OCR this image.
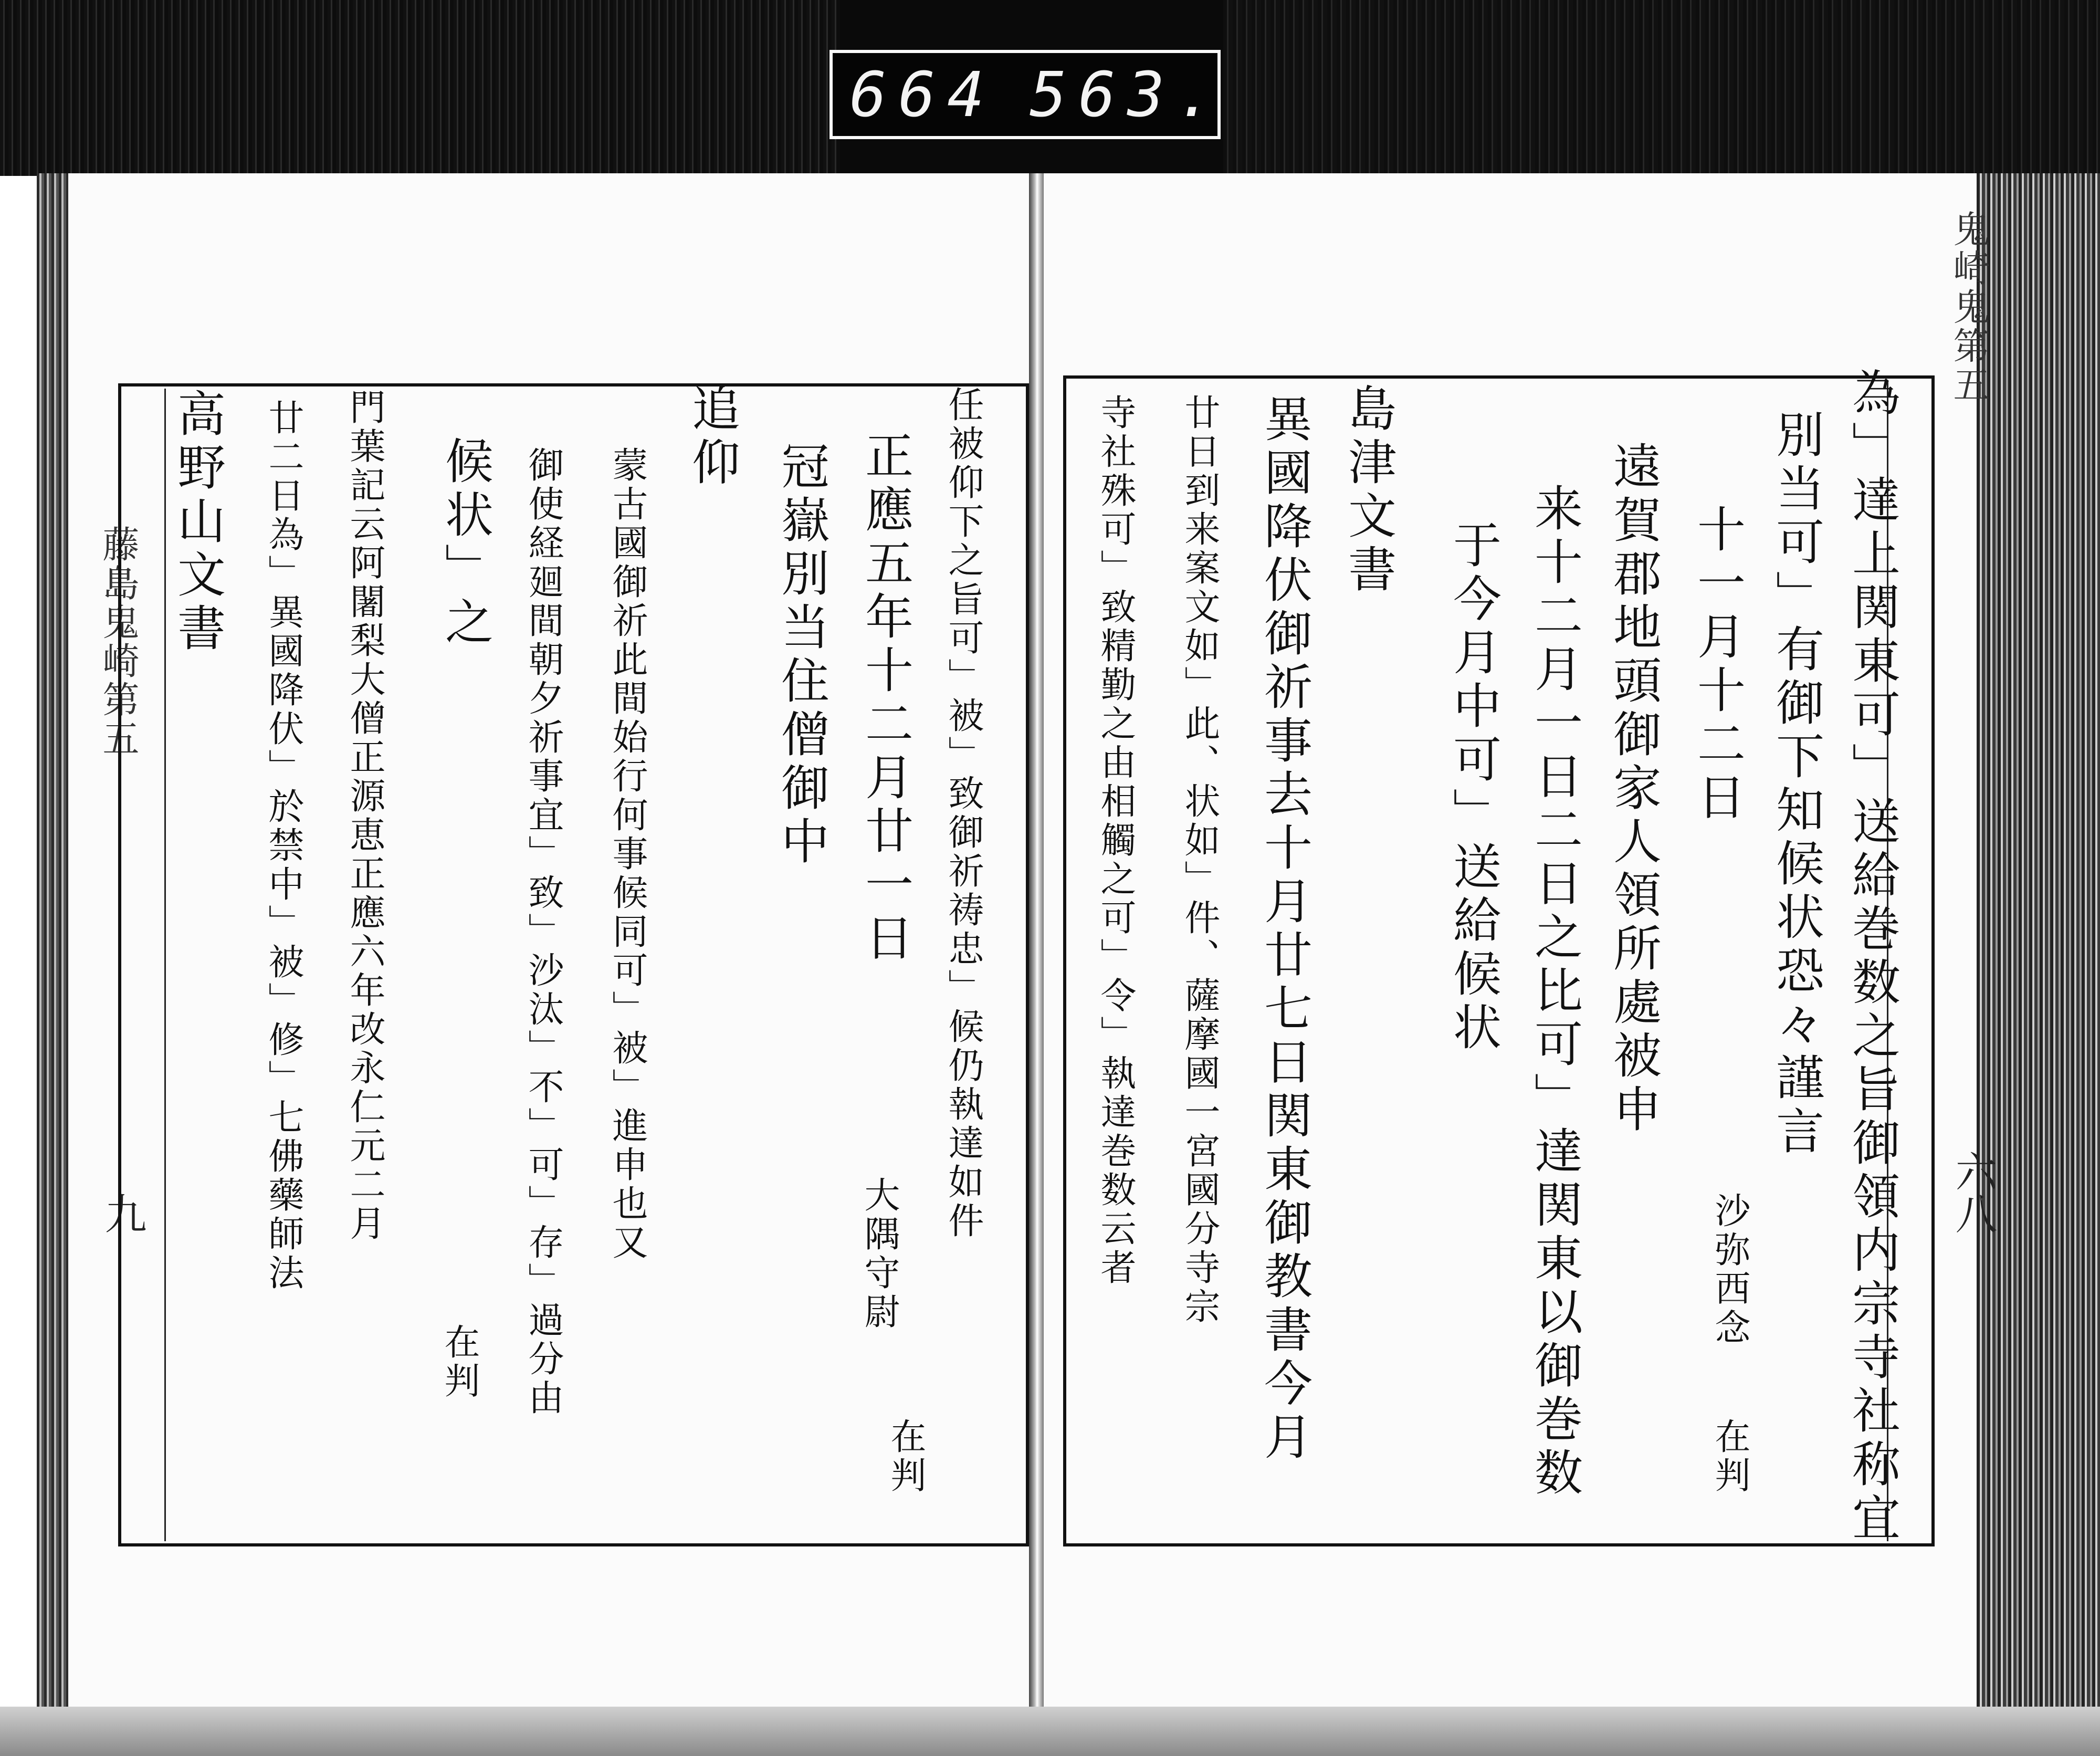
664 563.
藤島鬼崎第五
九
鬼崎鬼第五
六八
為」達上関東可」送給巻数之旨御領内宗寺社称宜
別当可」有御下知候状恐々謹言
十一月十二日
沙弥西念
在判
遠賀郡地頭御家人領所處被申
来十二月一日二日之比可」達関東以御巻数
于今月中可」送給候状
島津文書
異國降伏御祈事去十月廿七日関東御教書今月
廿日到来案文如」此、状如」件、薩摩國一宮國分寺宗
寺社殊可」致精勤之由相觸之可」令」執達巻数云者
任被仰下之旨可」被」致御祈祷忠」候仍執達如件
正應五年十二月廿一日
大隅守尉
在判
冠嶽別当住僧御中
追仰
蒙古國御祈此間始行何事候同可」被」進申也又
御使経廻間朝夕祈事宜」致」沙汰」不」可」存」過分由
候状」之
在判
門葉記云阿闍梨大僧正源恵正應六年改永仁元二月
廿二日為」異國降伏」於禁中」被」修」七佛藥師法
高野山文書
